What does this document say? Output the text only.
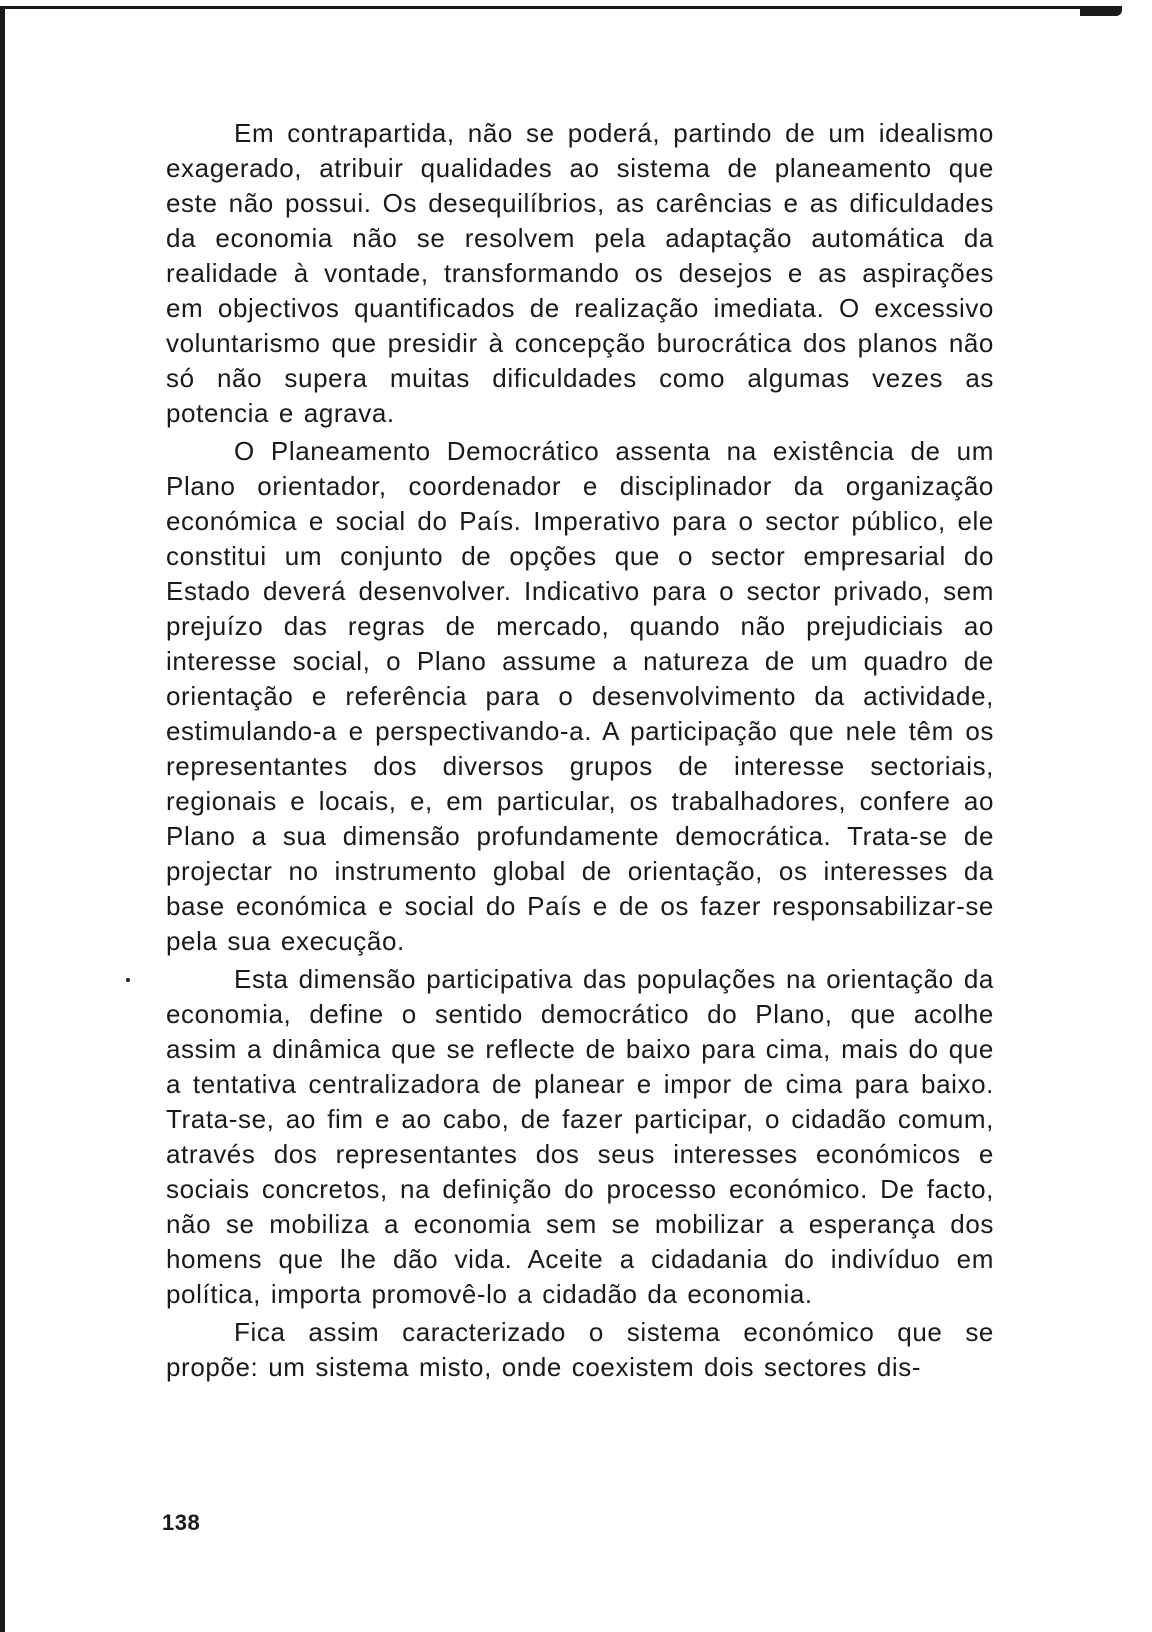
Em contrapartida, não se poderá, partindo de um idealismo exagerado, atribuir qualidades ao sistema de planeamento que este não possui. Os desequilíbrios, as carências e as dificuldades da economia não se resolvem pela adaptação automática da realidade à vontade, transformando os desejos e as aspirações em objectivos quantificados de realização imediata. O excessivo voluntarismo que presidir à concepção burocrática dos planos não só não supera muitas dificuldades como algumas vezes as potencia e agrava.

O Planeamento Democrático assenta na existência de um Plano orientador, coordenador e disciplinador da organização económica e social do País. Imperativo para o sector público, ele constitui um conjunto de opções que o sector empresarial do Estado deverá desenvolver. Indicativo para o sector privado, sem prejuízo das regras de mercado, quando não prejudiciais ao interesse social, o Plano assume a natureza de um quadro de orientação e referência para o desenvolvimento da actividade, estimulando-a e perspectivando-a. A participação que nele têm os representantes dos diversos grupos de interesse sectoriais, regionais e locais, e, em particular, os trabalhadores, confere ao Plano a sua dimensão profundamente democrática. Trata-se de projectar no instrumento global de orientação, os interesses da base económica e social do País e de os fazer responsabilizar-se pela sua execução.

Esta dimensão participativa das populações na orientação da economia, define o sentido democrático do Plano, que acolhe assim a dinâmica que se reflecte de baixo para cima, mais do que a tentativa centralizadora de planear e impor de cima para baixo. Trata-se, ao fim e ao cabo, de fazer participar, o cidadão comum, através dos representantes dos seus interesses económicos e sociais concretos, na definição do processo económico. De facto, não se mobiliza a economia sem se mobilizar a esperança dos homens que lhe dão vida. Aceite a cidadania do indivíduo em política, importa promovê-lo a cidadão da economia.

Fica assim caracterizado o sistema económico que se propõe: um sistema misto, onde coexistem dois sectores dis-

138
